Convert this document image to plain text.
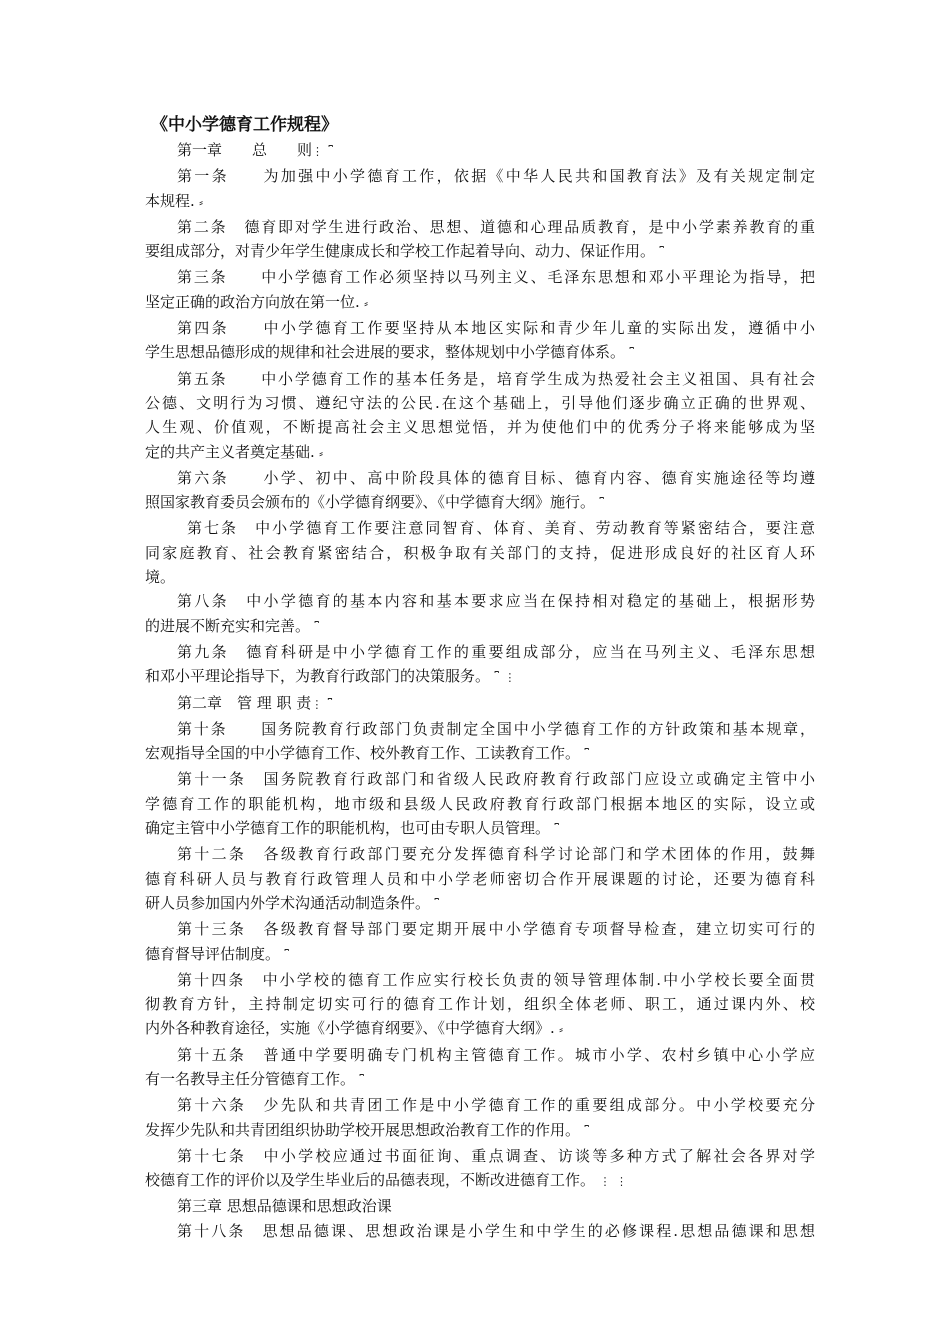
《中小学德育工作规程》
第一章　　总　　则⋮ ⎴
第一条　　为加强中小学德育工作，依据《中华人民共和国教育法》及有关规定制定
本规程. ⸗
第二条　德育即对学生进行政治、思想、道德和心理品质教育，是中小学素养教育的重
要组成部分，对青少年学生健康成长和学校工作起着导向、动力、保证作用。 ⎴
第三条　　中小学德育工作必须坚持以马列主义、毛泽东思想和邓小平理论为指导，把
坚定正确的政治方向放在第一位. ⸗
第四条　　中小学德育工作要坚持从本地区实际和青少年儿童的实际出发，遵循中小
学生思想品德形成的规律和社会进展的要求，整体规划中小学德育体系。 ⎴
第五条　　中小学德育工作的基本任务是，培育学生成为热爱社会主义祖国、具有社会
公德、文明行为习惯、遵纪守法的公民.在这个基础上，引导他们逐步确立正确的世界观、
人生观、价值观，不断提高社会主义思想觉悟，并为使他们中的优秀分子将来能够成为坚
定的共产主义者奠定基础. ⸗
第六条　　小学、初中、高中阶段具体的德育目标、德育内容、德育实施途径等均遵
照国家教育委员会颁布的《小学德育纲要》、《中学德育大纲》施行。 ⎴
第七条　中小学德育工作要注意同智育、体育、美育、劳动教育等紧密结合，要注意
同家庭教育、社会教育紧密结合，积极争取有关部门的支持，促进形成良好的社区育人环
境。
第八条　中小学德育的基本内容和基本要求应当在保持相对稳定的基础上，根据形势
的进展不断充实和完善。 ⎴
第九条　德育科研是中小学德育工作的重要组成部分，应当在马列主义、毛泽东思想
和邓小平理论指导下，为教育行政部门的决策服务。 ⎴ ⋮
第二章　管 理 职 责⋮ ⎴
第十条　　国务院教育行政部门负责制定全国中小学德育工作的方针政策和基本规章，
宏观指导全国的中小学德育工作、校外教育工作、工读教育工作。 ⎴
第十一条　国务院教育行政部门和省级人民政府教育行政部门应设立或确定主管中小
学德育工作的职能机构，地市级和县级人民政府教育行政部门根据本地区的实际，设立或
确定主管中小学德育工作的职能机构，也可由专职人员管理。 ⎴
第十二条　各级教育行政部门要充分发挥德育科学讨论部门和学术团体的作用，鼓舞
德育科研人员与教育行政管理人员和中小学老师密切合作开展课题的讨论，还要为德育科
研人员参加国内外学术沟通活动制造条件。 ⎴
第十三条　各级教育督导部门要定期开展中小学德育专项督导检查，建立切实可行的
德育督导评估制度。 ⎴
第十四条　中小学校的德育工作应实行校长负责的领导管理体制.中小学校长要全面贯
彻教育方针，主持制定切实可行的德育工作计划，组织全体老师、职工，通过课内外、校
内外各种教育途径，实施《小学德育纲要》、《中学德育大纲》. ⸗
第十五条　普通中学要明确专门机构主管德育工作。城市小学、农村乡镇中心小学应
有一名教导主任分管德育工作。 ⎴
第十六条　少先队和共青团工作是中小学德育工作的重要组成部分。中小学校要充分
发挥少先队和共青团组织协助学校开展思想政治教育工作的作用。 ⎴
第十七条　中小学校应通过书面征询、重点调查、访谈等多种方式了解社会各界对学
校德育工作的评价以及学生毕业后的品德表现，不断改进德育工作。 ⋮ ⋮
第三章 思想品德课和思想政治课
第十八条　思想品德课、思想政治课是小学生和中学生的必修课程.思想品德课和思想
